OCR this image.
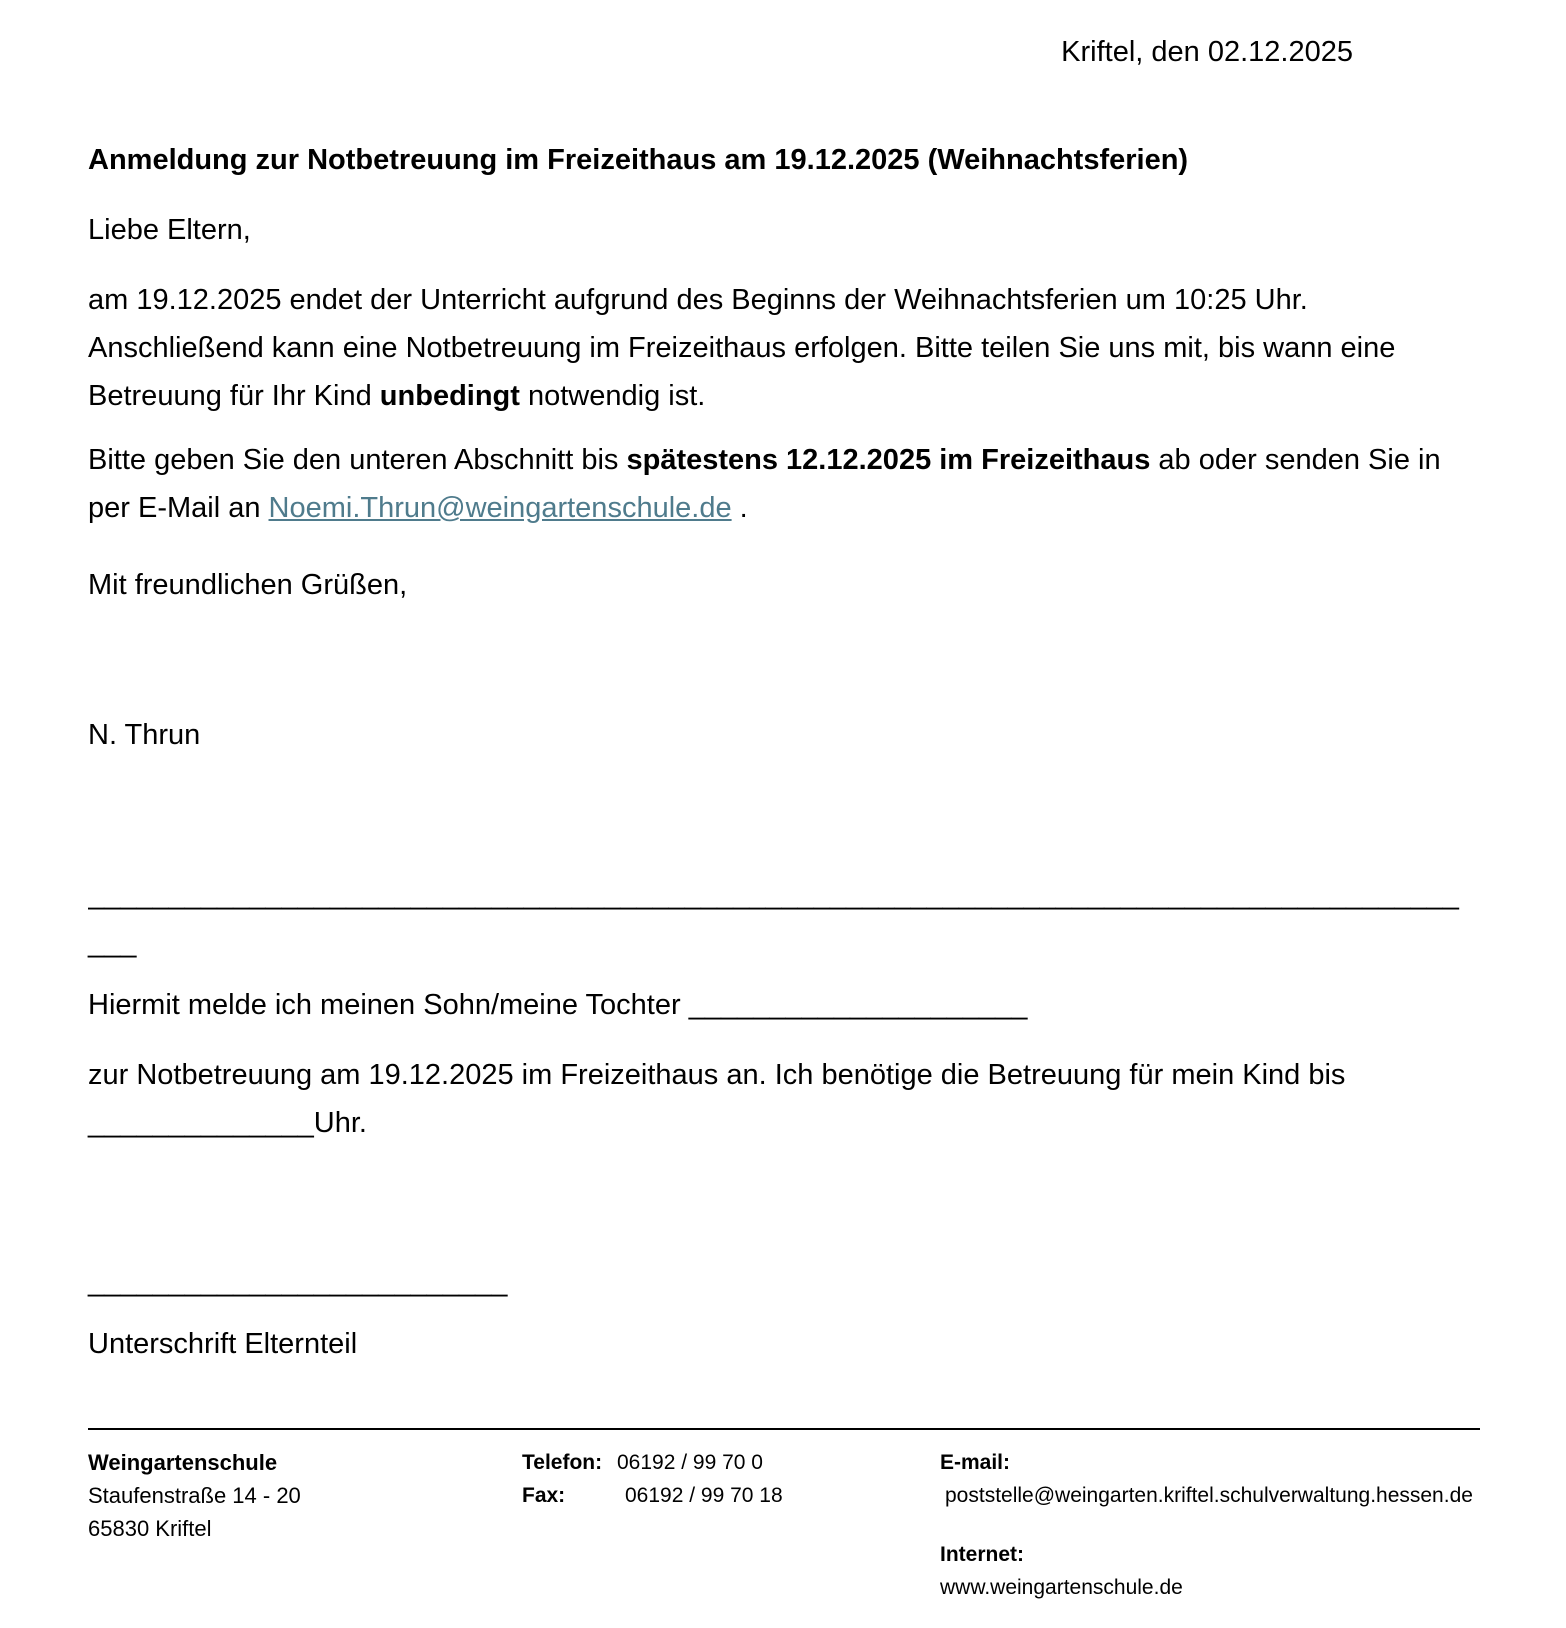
Kriftel, den 02.12.2025
Anmeldung zur Notbetreuung im Freizeithaus am 19.12.2025 (Weihnachtsferien)
Liebe Eltern,
am 19.12.2025 endet der Unterricht aufgrund des Beginns der Weihnachtsferien um 10:25 Uhr. Anschließend kann eine Notbetreuung im Freizeithaus erfolgen. Bitte teilen Sie uns mit, bis wann eine Betreuung für Ihr Kind unbedingt notwendig ist.
Bitte geben Sie den unteren Abschnitt bis spätestens 12.12.2025 im Freizeithaus ab oder senden Sie in per E-Mail an Noemi.Thrun@weingartenschule.de .
Mit freundlichen Grüßen,
N. Thrun
_____________________________________________________________________________________
___
Hiermit melde ich meinen Sohn/meine Tochter _____________________
zur Notbetreuung am 19.12.2025 im Freizeithaus an. Ich benötige die Betreuung für mein Kind bis ______________Uhr.
__________________________
Unterschrift Elternteil
Weingartenschule
Staufenstraße 14 - 20
65830 Kriftel
Telefon: 06192 / 99 70 0
Fax:	06192 / 99 70 18
E-mail:
poststelle@weingarten.kriftel.schulverwaltung.hessen.de
Internet:
www.weingartenschule.de
